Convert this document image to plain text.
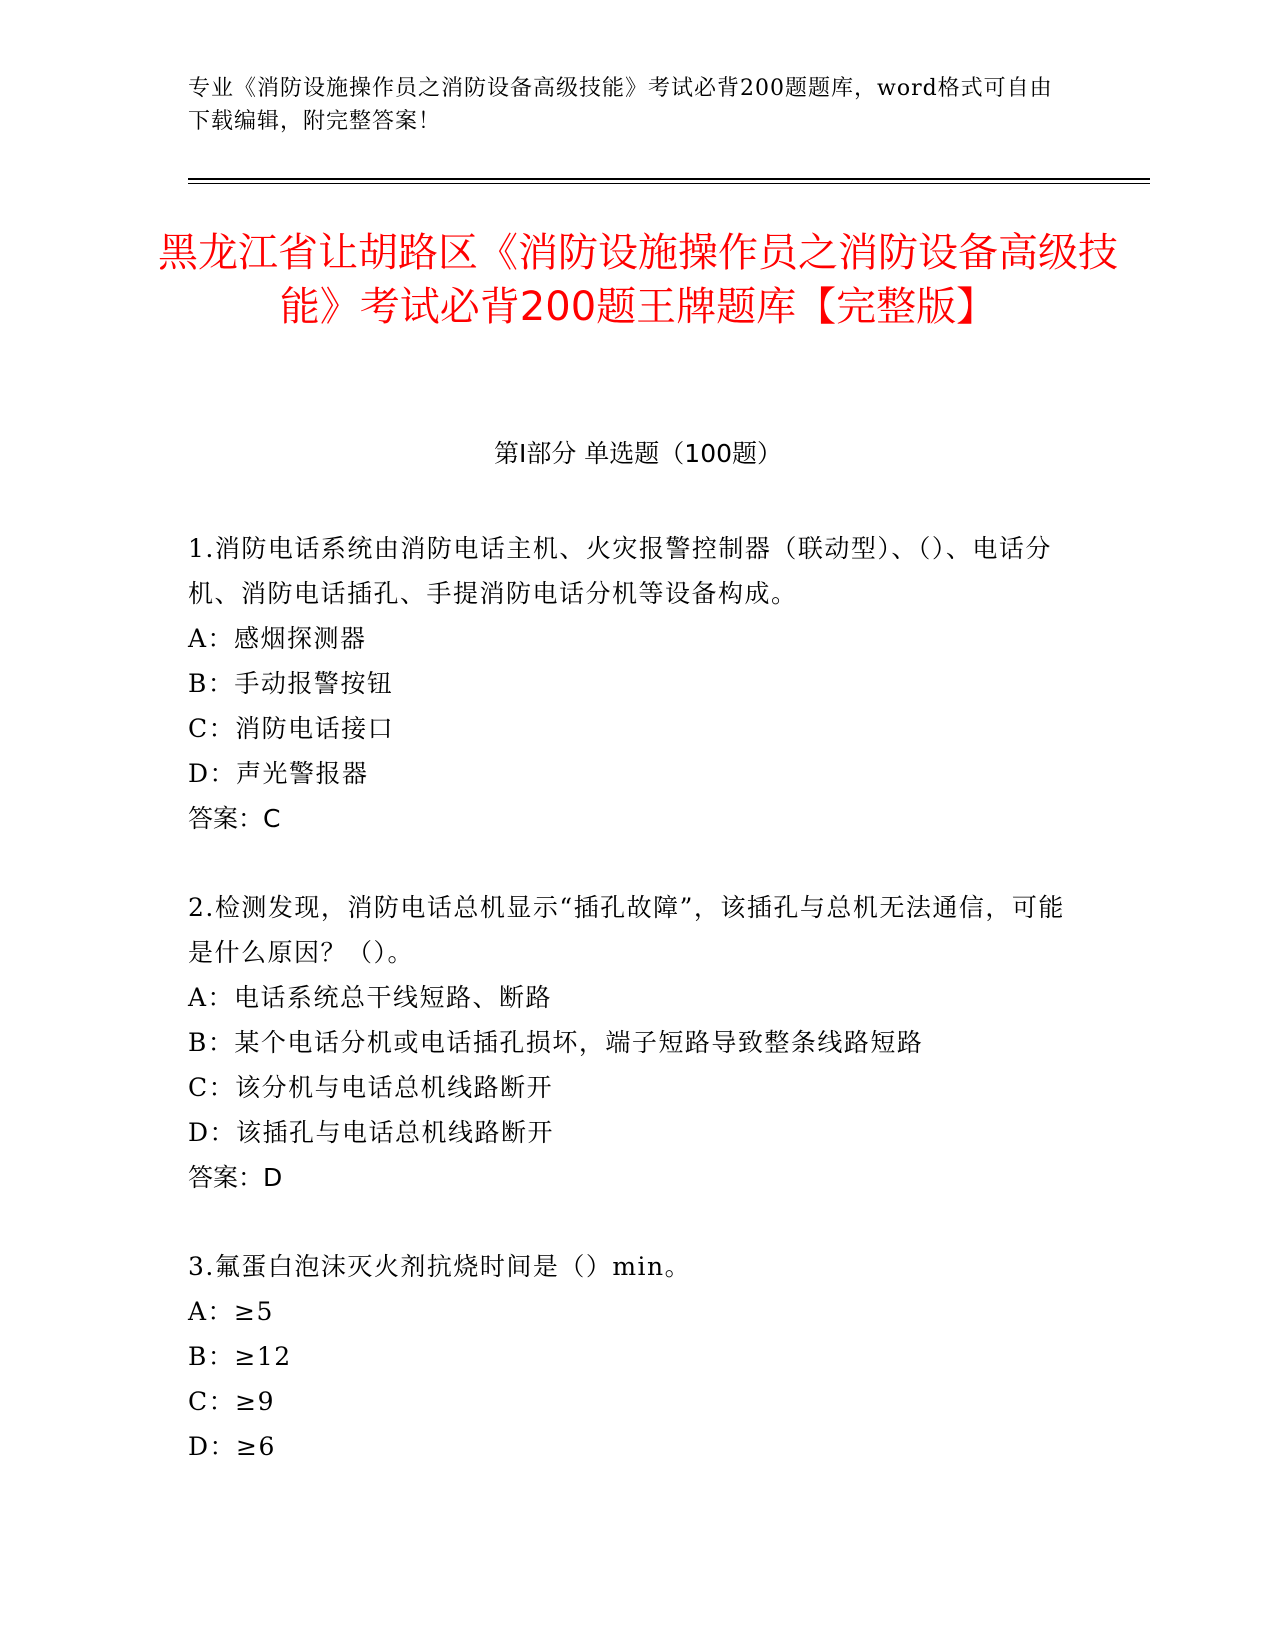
专业《消防设施操作员之消防设备高级技能》考试必背200题题库，word格式可自由下载编辑，附完整答案！
黑龙江省让胡路区《消防设施操作员之消防设备高级技能》考试必背200题王牌题库【完整版】
第I部分 单选题（100题）
1.消防电话系统由消防电话主机、火灾报警控制器（联动型）、（）、电话分机、消防电话插孔、手提消防电话分机等设备构成。
A：感烟探测器
B：手动报警按钮
C：消防电话接口
D：声光警报器
答案：C
2.检测发现，消防电话总机显示“插孔故障”，该插孔与总机无法通信，可能是什么原因？（）。
A：电话系统总干线短路、断路
B：某个电话分机或电话插孔损坏，端子短路导致整条线路短路
C：该分机与电话总机线路断开
D：该插孔与电话总机线路断开
答案：D
3.氟蛋白泡沫灭火剂抗烧时间是（）min。
A：≥5
B：≥12
C：≥9
D：≥6
